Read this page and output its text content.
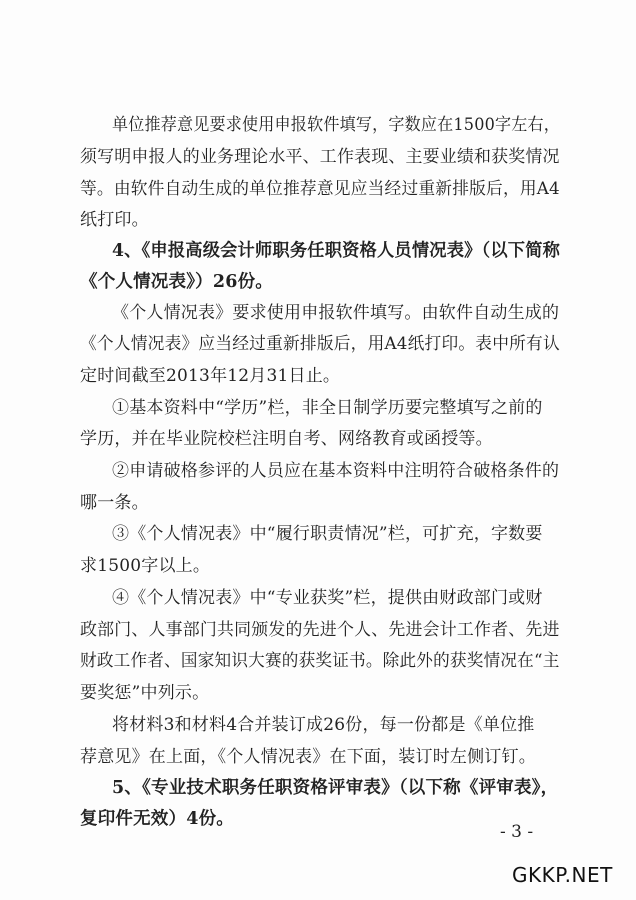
单位推荐意见要求使用申报软件填写，字数应在1500字左右，
须写明申报人的业务理论水平、工作表现、主要业绩和获奖情况
等。由软件自动生成的单位推荐意见应当经过重新排版后，用A4
纸打印。
4、《申报高级会计师职务任职资格人员情况表》（以下简称
《个人情况表》）26份。
《个人情况表》要求使用申报软件填写。由软件自动生成的
《个人情况表》应当经过重新排版后，用A4纸打印。表中所有认
定时间截至2013年12月31日止。
①基本资料中“学历”栏，非全日制学历要完整填写之前的
学历，并在毕业院校栏注明自考、网络教育或函授等。
②申请破格参评的人员应在基本资料中注明符合破格条件的
哪一条。
③《个人情况表》中“履行职责情况”栏，可扩充，字数要
求1500字以上。
④《个人情况表》中“专业获奖”栏，提供由财政部门或财
政部门、人事部门共同颁发的先进个人、先进会计工作者、先进
财政工作者、国家知识大赛的获奖证书。除此外的获奖情况在“主
要奖惩”中列示。
将材料3和材料4合并装订成26份，每一份都是《单位推
荐意见》在上面，《个人情况表》在下面，装订时左侧订钉。
5、《专业技术职务任职资格评审表》（以下称《评审表》，
复印件无效）4份。
- 3 -
GKKP.NET
